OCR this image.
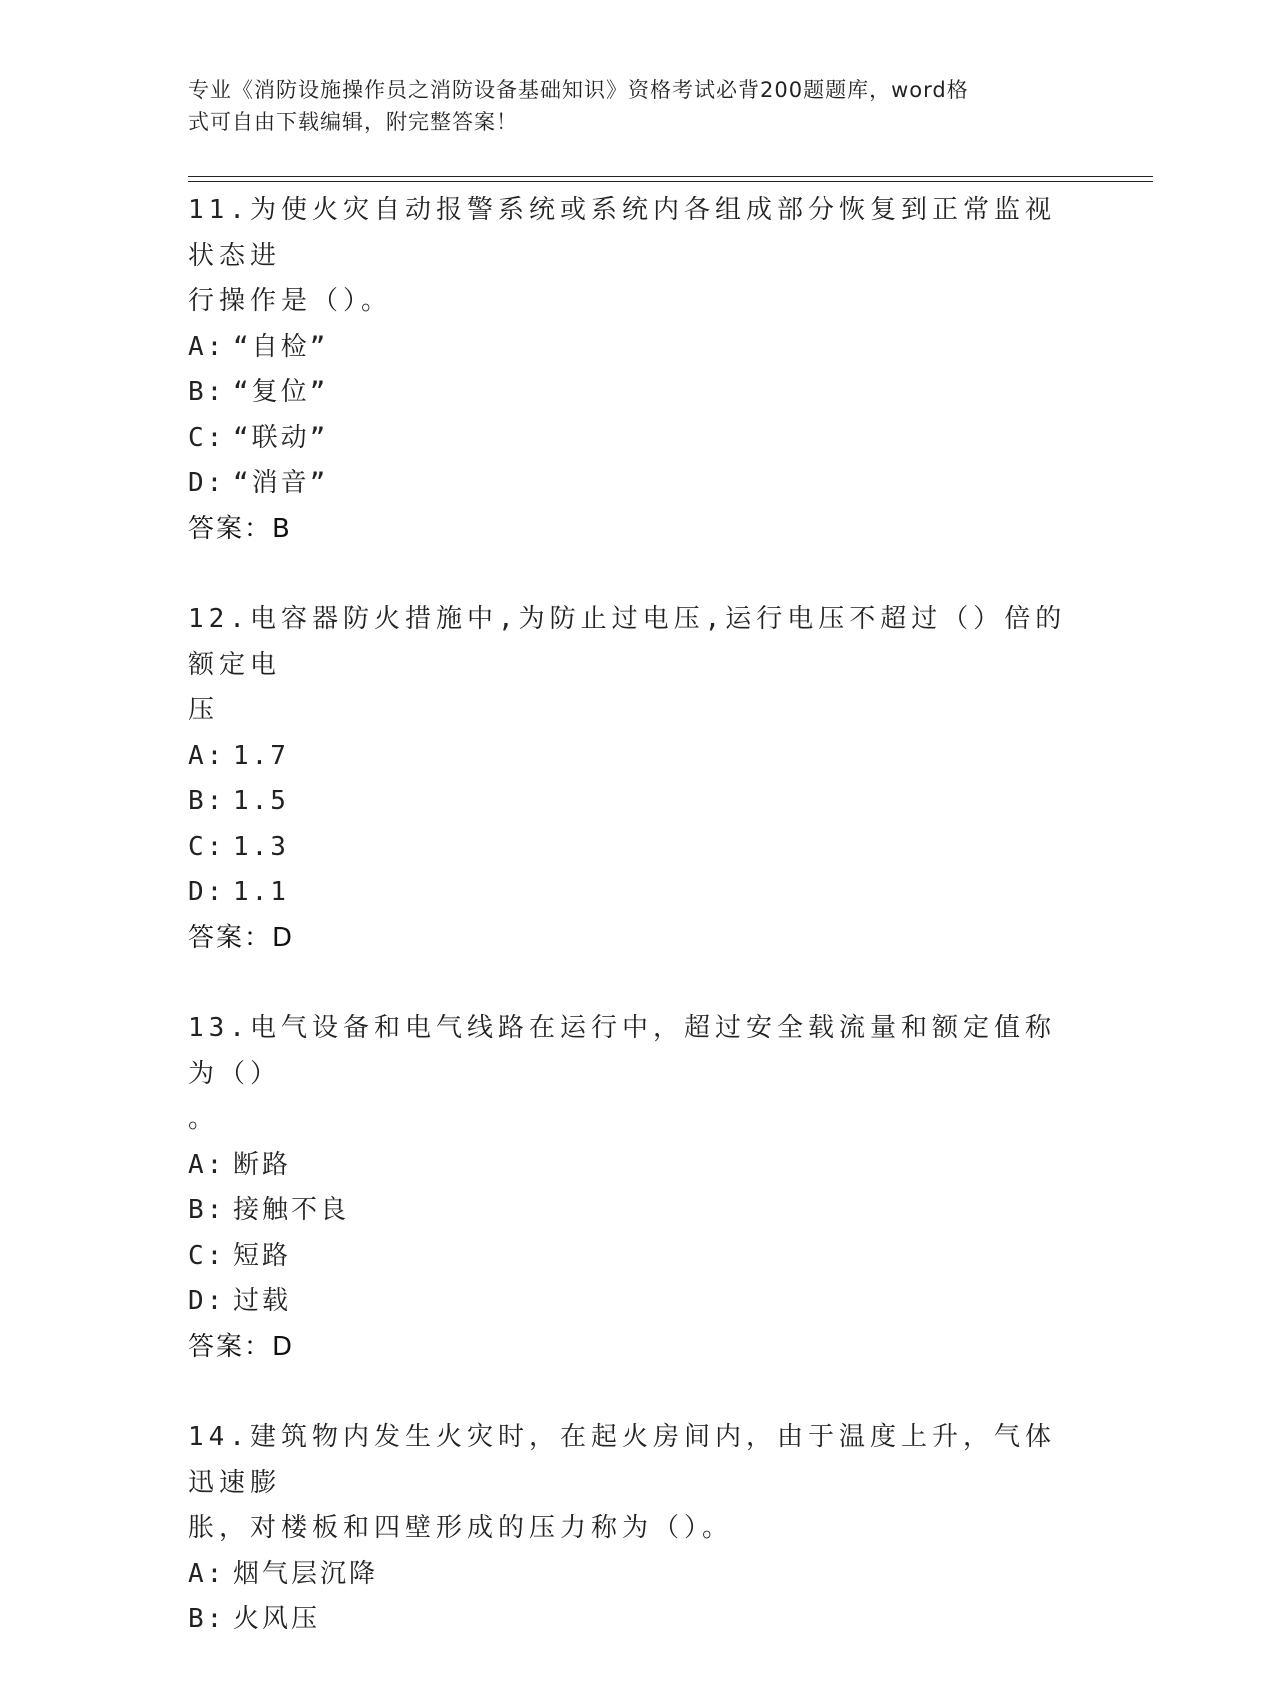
专业《消防设施操作员之消防设备基础知识》资格考试必背200题题库，word格
式可自由下载编辑，附完整答案！

11.为使火灾自动报警系统或系统内各组成部分恢复到正常监视状态进
行操作是（）。

A: “自检”

B: “复位”

C: “联动”

D: “消音”

答案：B

12.电容器防火措施中,为防止过电压,运行电压不超过（）倍的额定电
压

A: 1.7

B: 1.5

C: 1.3

D: 1.1

答案：D

13.电气设备和电气线路在运行中，超过安全载流量和额定值称为（）
。

A: 断路

B: 接触不良

C: 短路

D: 过载

答案：D

14.建筑物内发生火灾时，在起火房间内，由于温度上升，气体迅速膨
胀，对楼板和四壁形成的压力称为（）。

A: 烟气层沉降

B: 火风压
